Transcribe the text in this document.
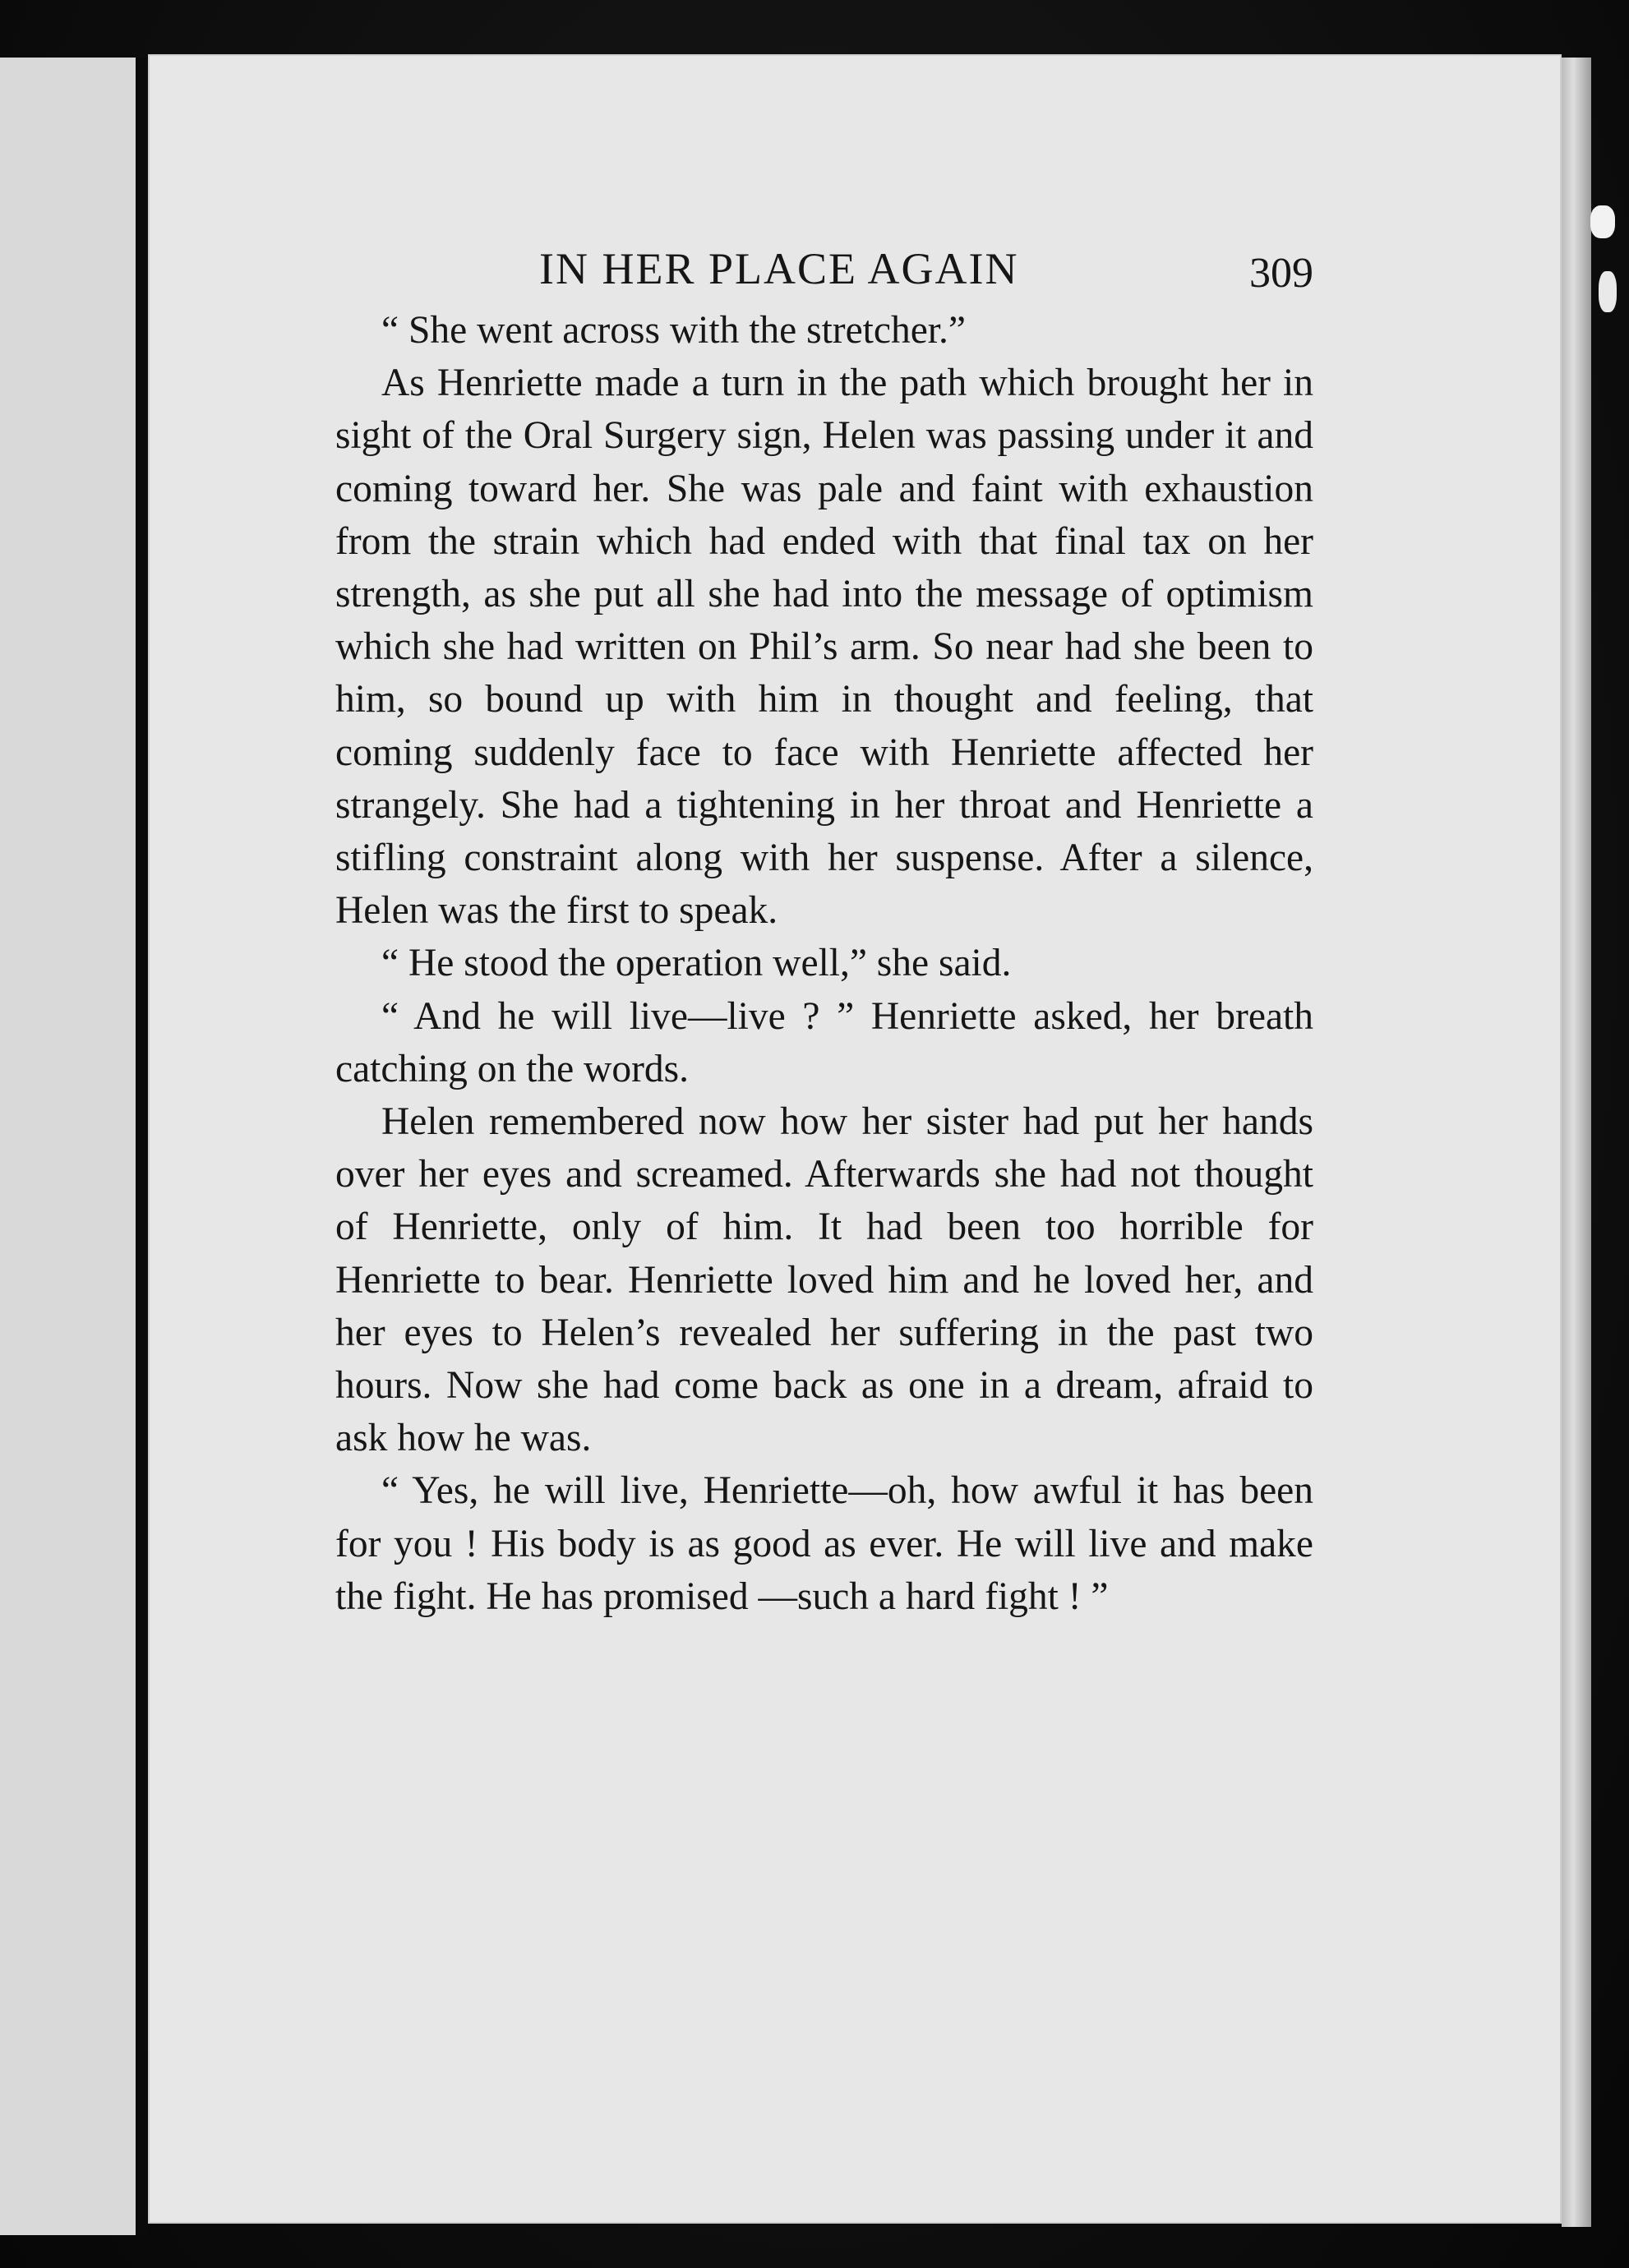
IN HER PLACE AGAIN	309

“ She went across with the stretcher.”

As Henriette made a turn in the path which brought her in sight of the Oral Surgery sign, Helen was passing under it and coming toward her. She was pale and faint with exhaustion from the strain which had ended with that final tax on her strength, as she put all she had into the message of optimism which she had written on Phil’s arm. So near had she been to him, so bound up with him in thought and feeling, that coming suddenly face to face with Henriette affected her strangely. She had a tightening in her throat and Henriette a stifling constraint along with her suspense. After a silence, Helen was the first to speak.

“ He stood the operation well,” she said.

“ And he will live—live ? ” Henriette asked, her breath catching on the words.

Helen remembered now how her sister had put her hands over her eyes and screamed. Afterwards she had not thought of Henriette, only of him. It had been too horrible for Henriette to bear. Henriette loved him and he loved her, and her eyes to Helen’s revealed her suffering in the past two hours. Now she had come back as one in a dream, afraid to ask how he was.

“ Yes, he will live, Henriette—oh, how awful it has been for you ! His body is as good as ever. He will live and make the fight. He has promised —such a hard fight ! ”
